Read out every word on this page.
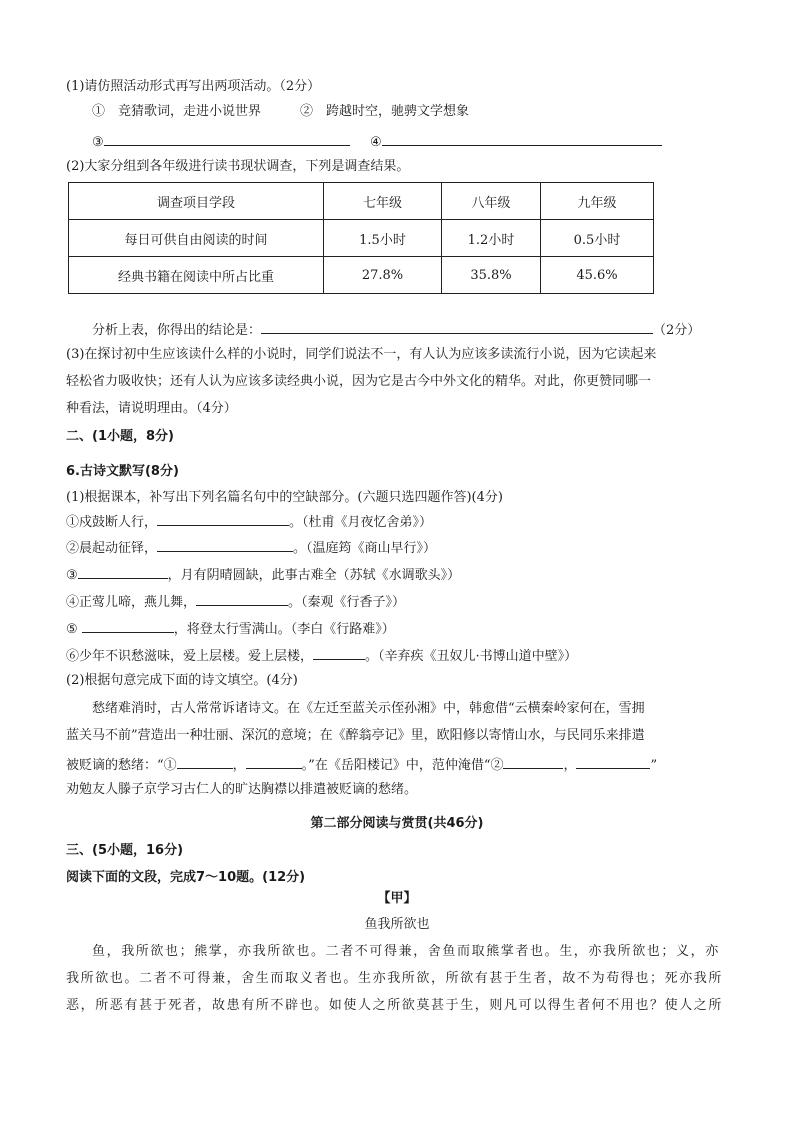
(1)请仿照活动形式再写出两项活动。（2分）
①　竞猜歌词，走进小说世界	②　跨越时空，驰骋文学想象
③	④
(2)大家分组到各年级进行读书现状调查，下列是调查结果。
调查项目学段	七年级	八年级	九年级
每日可供自由阅读的时间	1.5小时	1.2小时	0.5小时
经典书籍在阅读中所占比重	27.8%	35.8%	45.6%
分析上表，你得出的结论是：	（2分）
(3)在探讨初中生应该读什么样的小说时，同学们说法不一，有人认为应该多读流行小说，因为它读起来
轻松省力吸收快；还有人认为应该多读经典小说，因为它是古今中外文化的精华。对此，你更赞同哪一
种看法，请说明理由。（4分）
二、(1小题，8分)
6.古诗文默写(8分)
(1)根据课本，补写出下列名篇名句中的空缺部分。(六题只选四题作答)(4分)
①戍鼓断人行，	。（杜甫《月夜忆舍弟》）
②晨起动征铎，	。（温庭筠《商山早行》）
③	，月有阴晴圆缺，此事古难全（苏轼《水调歌头》）
④正莺儿啼，燕儿舞，	。（秦观《行香子》）
⑤	，将登太行雪满山。（李白《行路难》）
⑥少年不识愁滋味，爱上层楼。爱上层楼，	。（辛弃疾《丑奴儿·书博山道中壁》）
(2)根据句意完成下面的诗文填空。(4分)
愁绪难消时，古人常常诉诸诗文。在《左迁至蓝关示侄孙湘》中，韩愈借“云横秦岭家何在，雪拥
蓝关马不前”营造出一种壮丽、深沉的意境；在《醉翁亭记》里，欧阳修以寄情山水，与民同乐来排遣
被贬谪的愁绪：“①	，	。”在《岳阳楼记》中，范仲淹借“②	，	”
劝勉友人滕子京学习古仁人的旷达胸襟以排遣被贬谪的愁绪。
第二部分阅读与赏贯(共46分)
三、(5小题，16分)
阅读下面的文段，完成7～10题。(12分)
【甲】
鱼我所欲也
鱼，我所欲也；熊掌，亦我所欲也。二者不可得兼，舍鱼而取熊掌者也。生，亦我所欲也；义，亦
我所欲也。二者不可得兼，舍生而取义者也。生亦我所欲，所欲有甚于生者，故不为苟得也；死亦我所
恶，所恶有甚于死者，故患有所不辟也。如使人之所欲莫甚于生，则凡可以得生者何不用也？使人之所
